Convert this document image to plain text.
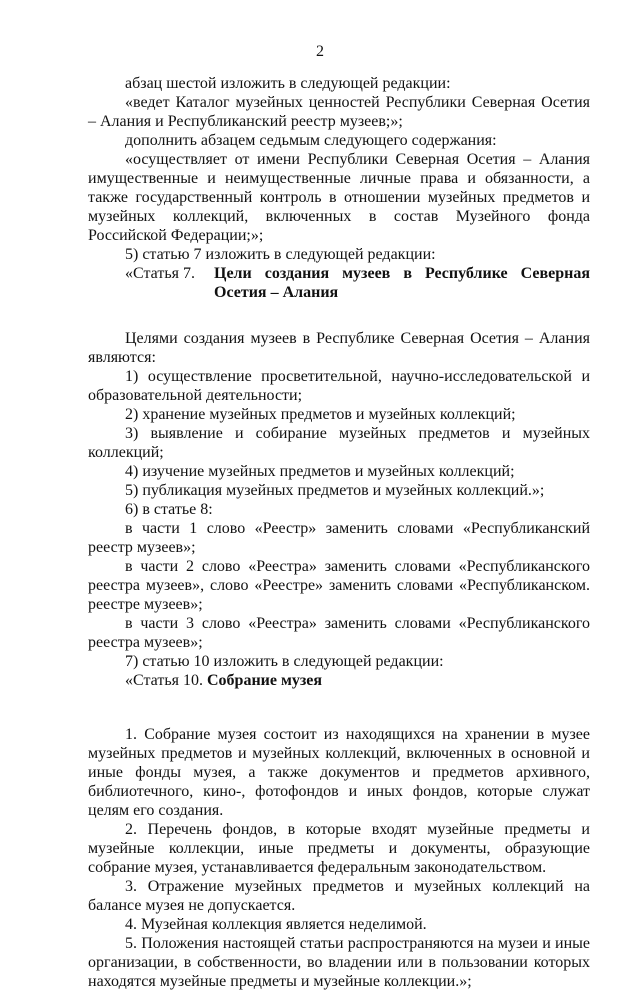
2

абзац шестой изложить в следующей редакции:

«ведет Каталог музейных ценностей Республики Северная Осетия – Алания и Республиканский реестр музеев;»;

дополнить абзацем седьмым следующего содержания:

«осуществляет от имени Республики Северная Осетия – Алания имущественные и неимущественные личные права и обязанности, а также государственный контроль в отношении музейных предметов и музейных коллекций, включенных в состав Музейного фонда Российской Федерации;»;

5) статью 7 изложить в следующей редакции:

«Статья 7.	Цели создания музеев в Республике Северная
Осетия – Алания

Целями создания музеев в Республике Северная Осетия – Алания являются:

1) осуществление просветительной, научно-исследовательской и образовательной деятельности;

2) хранение музейных предметов и музейных коллекций;

3) выявление и собирание музейных предметов и музейных коллекций;

4) изучение музейных предметов и музейных коллекций;

5) публикация музейных предметов и музейных коллекций.»;

6) в статье 8:

в части 1 слово «Реестр» заменить словами «Республиканский реестр музеев»;

в части 2 слово «Реестра» заменить словами «Республиканского реестра музеев», слово «Реестре» заменить словами «Республиканском. реестре музеев»;

в части 3 слово «Реестра» заменить словами «Республиканского реестра музеев»;

7) статью 10 изложить в следующей редакции:

«Статья 10. Собрание музея

1. Собрание музея состоит из находящихся на хранении в музее музейных предметов и музейных коллекций, включенных в основной и иные фонды музея, а также документов и предметов архивного, библиотечного, кино-, фотофондов и иных фондов, которые служат целям его создания.

2. Перечень фондов, в которые входят музейные предметы и музейные коллекции, иные предметы и документы, образующие собрание музея, устанавливается федеральным законодательством.

3. Отражение музейных предметов и музейных коллекций на балансе музея не допускается.

4. Музейная коллекция является неделимой.

5. Положения настоящей статьи распространяются на музеи и иные организации, в собственности, во владении или в пользовании которых находятся музейные предметы и музейные коллекции.»;
